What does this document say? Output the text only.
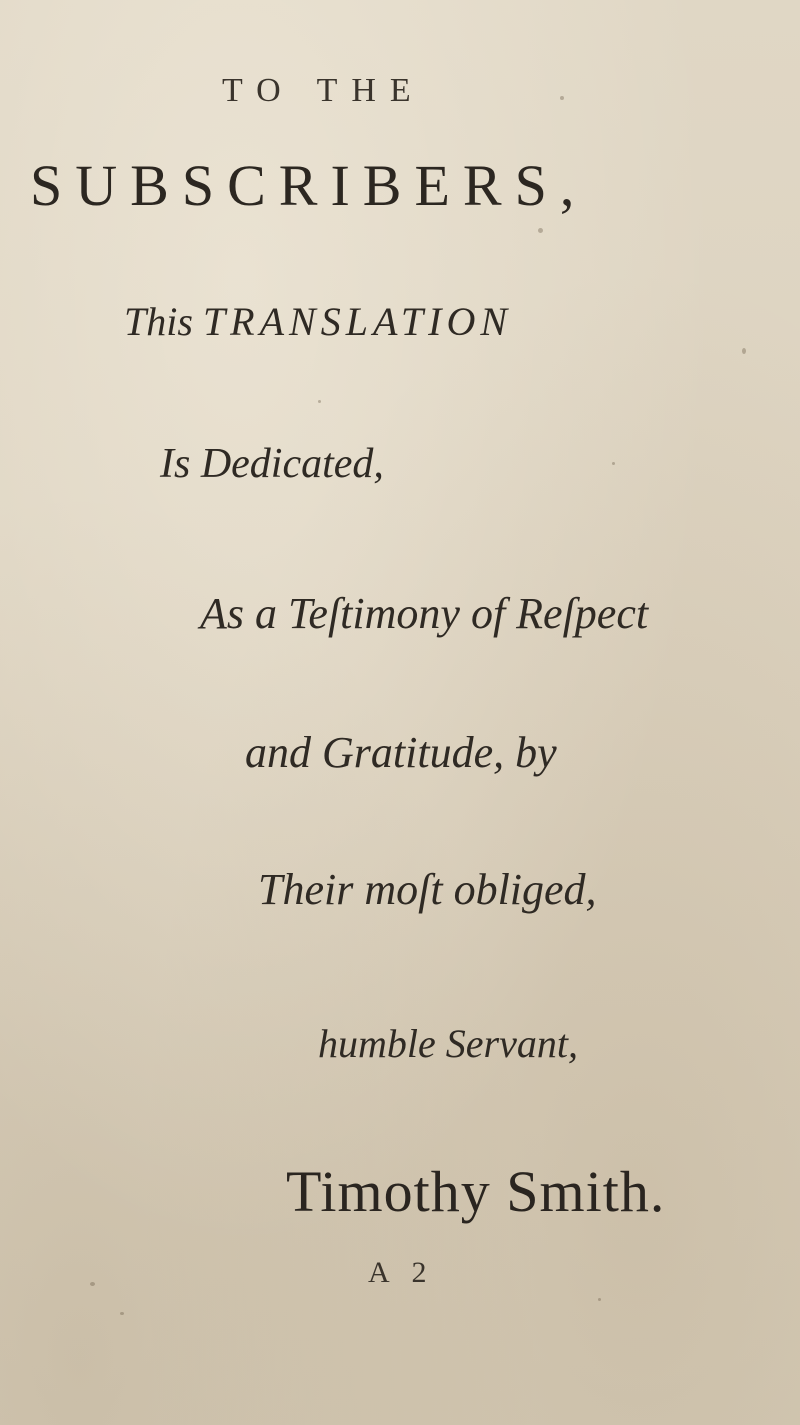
TO THE
SUBSCRIBERS,
This TRANSLATION
Is Dedicated,
As a Teſtimony of Reſpect
and Gratitude, by
Their moſt obliged,
humble Servant,
Timothy Smith.
A 2
